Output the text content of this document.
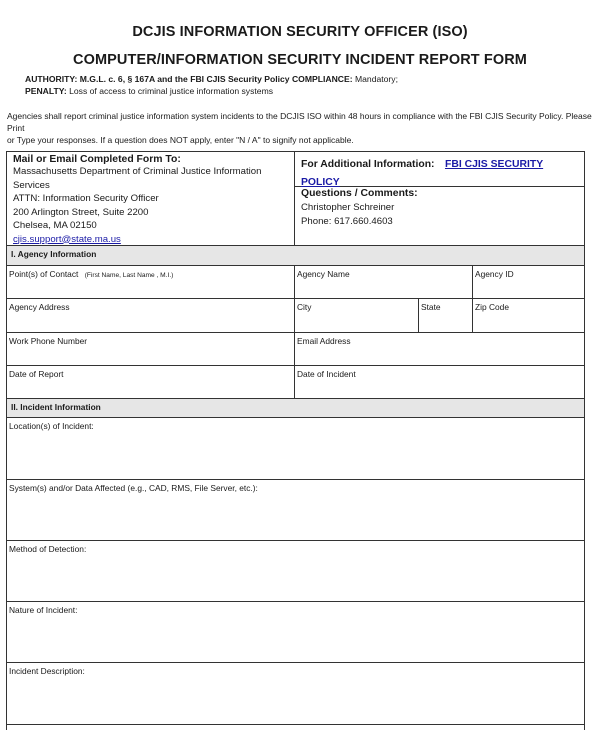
DCJIS INFORMATION SECURITY OFFICER (ISO)
COMPUTER/INFORMATION SECURITY INCIDENT REPORT FORM
AUTHORITY: M.G.L. c. 6, § 167A and the FBI CJIS Security Policy COMPLIANCE: Mandatory;
PENALTY: Loss of access to criminal justice information systems
Agencies shall report criminal justice information system incidents to the DCJIS ISO within 48 hours in compliance with the FBI CJIS Security Policy. Please Print
or Type your responses. If a question does NOT apply, enter "N / A" to signify not applicable.
Mail or Email Completed Form To:
Massachusetts Department of Criminal Justice Information Services
ATTN: Information Security Officer
200 Arlington Street, Suite 2200
Chelsea, MA 02150
cjis.support@state.ma.us
For Additional Information: FBI CJIS SECURITY POLICY
Questions / Comments:
Christopher Schreiner
Phone: 617.660.4603
I. Agency Information
Point(s) of Contact (First Name, Last Name , M.I.)	Agency Name	Agency ID
Agency Address	City	State	Zip Code
Work Phone Number	Email Address
Date of Report	Date of Incident
II. Incident Information
Location(s) of Incident:
System(s) and/or Data Affected (e.g., CAD, RMS, File Server, etc.):
Method of Detection:
Nature of Incident:
Incident Description:
